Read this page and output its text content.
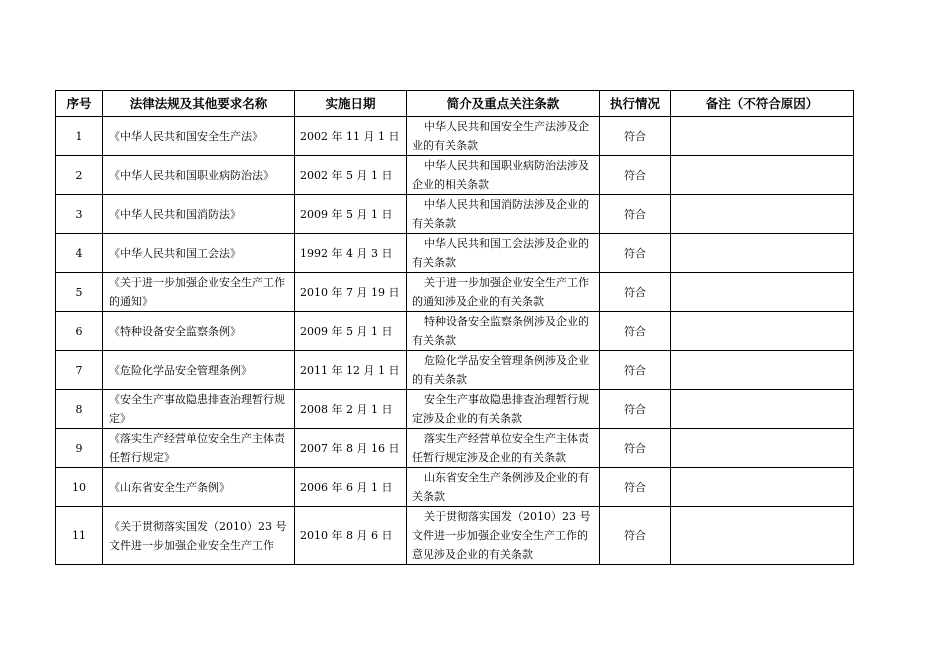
序号	法律法规及其他要求名称	实施日期	简介及重点关注条款	执行情况	备注（不符合原因）
1	《中华人民共和国安全生产法》	2002 年 11 月 1 日	中华人民共和国安全生产法涉及企业的有关条款	符合	
2	《中华人民共和国职业病防治法》	2002 年 5 月 1 日	中华人民共和国职业病防治法涉及企业的相关条款	符合	
3	《中华人民共和国消防法》	2009 年 5 月 1 日	中华人民共和国消防法涉及企业的有关条款	符合	
4	《中华人民共和国工会法》	1992 年 4 月 3 日	中华人民共和国工会法涉及企业的有关条款	符合	
5	《关于进一步加强企业安全生产工作的通知》	2010 年 7 月 19 日	关于进一步加强企业安全生产工作的通知涉及企业的有关条款	符合	
6	《特种设备安全监察条例》	2009 年 5 月 1 日	特种设备安全监察条例涉及企业的有关条款	符合	
7	《危险化学品安全管理条例》	2011 年 12 月 1 日	危险化学品安全管理条例涉及企业的有关条款	符合	
8	《安全生产事故隐患排查治理暂行规定》	2008 年 2 月 1 日	安全生产事故隐患排查治理暂行规定涉及企业的有关条款	符合	
9	《落实生产经营单位安全生产主体责任暂行规定》	2007 年 8 月 16 日	落实生产经营单位安全生产主体责任暂行规定涉及企业的有关条款	符合	
10	《山东省安全生产条例》	2006 年 6 月 1 日	山东省安全生产条例涉及企业的有关条款	符合	
11	《关于贯彻落实国发（2010）23 号文件进一步加强企业安全生产工作	2010 年 8 月 6 日	关于贯彻落实国发（2010）23 号文件进一步加强企业安全生产工作的意见涉及企业的有关条款	符合	
